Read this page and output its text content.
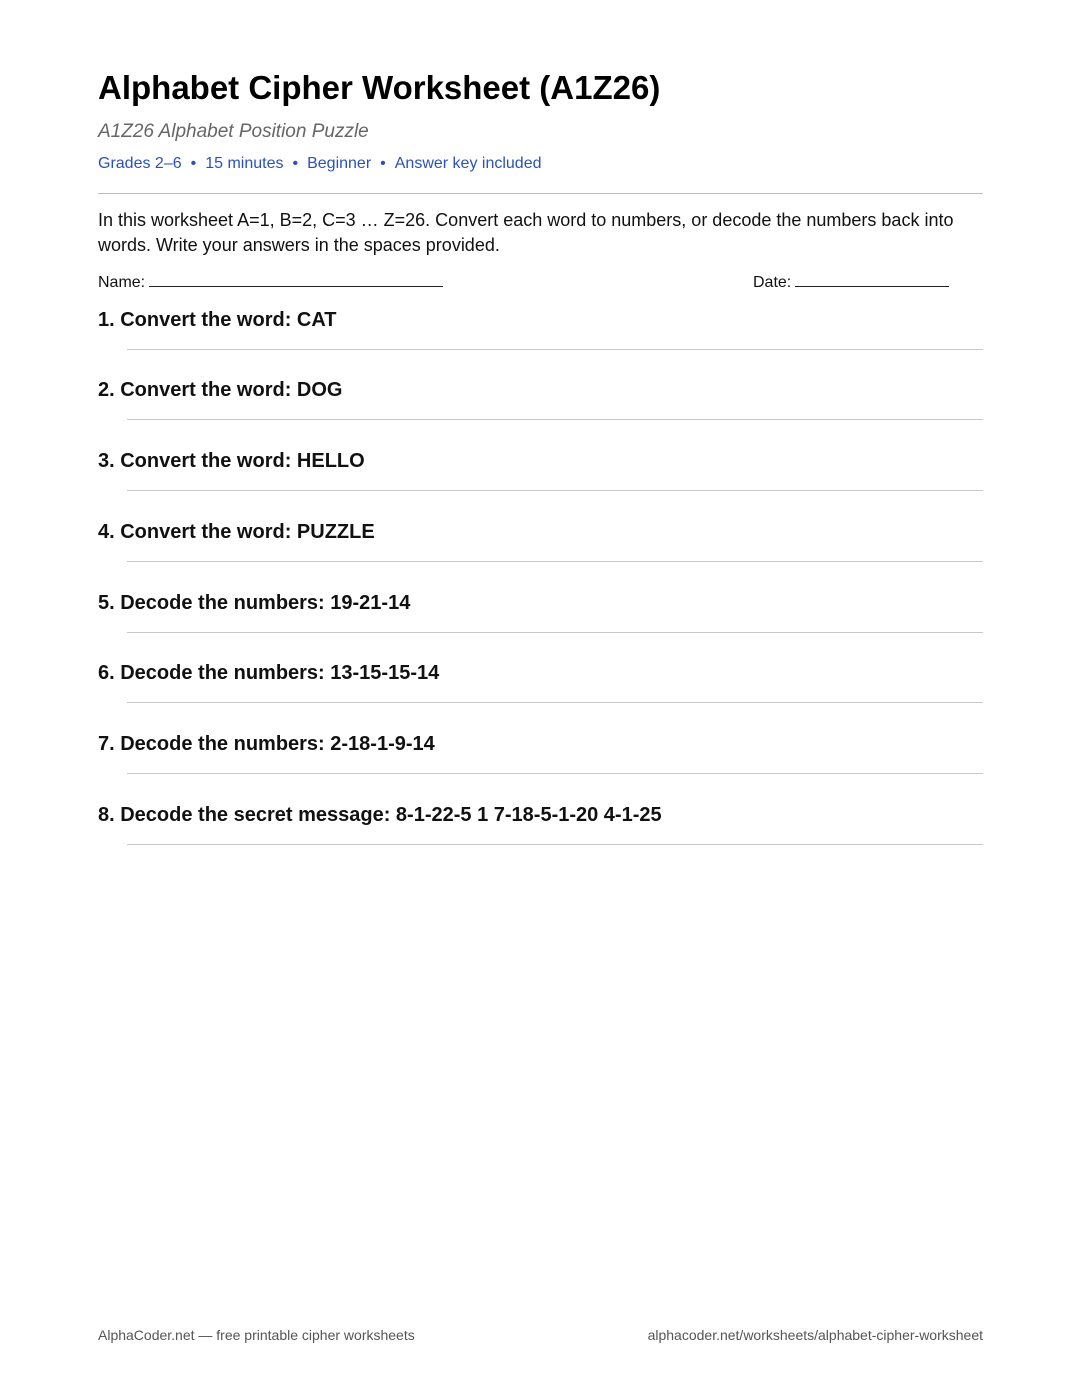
Alphabet Cipher Worksheet (A1Z26)
A1Z26 Alphabet Position Puzzle
Grades 2–6 • 15 minutes • Beginner • Answer key included
In this worksheet A=1, B=2, C=3 … Z=26. Convert each word to numbers, or decode the numbers back into words. Write your answers in the spaces provided.
Name:	Date:
1. Convert the word: CAT
2. Convert the word: DOG
3. Convert the word: HELLO
4. Convert the word: PUZZLE
5. Decode the numbers: 19-21-14
6. Decode the numbers: 13-15-15-14
7. Decode the numbers: 2-18-1-9-14
8. Decode the secret message: 8-1-22-5 1 7-18-5-1-20 4-1-25
AlphaCoder.net — free printable cipher worksheets	alphacoder.net/worksheets/alphabet-cipher-worksheet
